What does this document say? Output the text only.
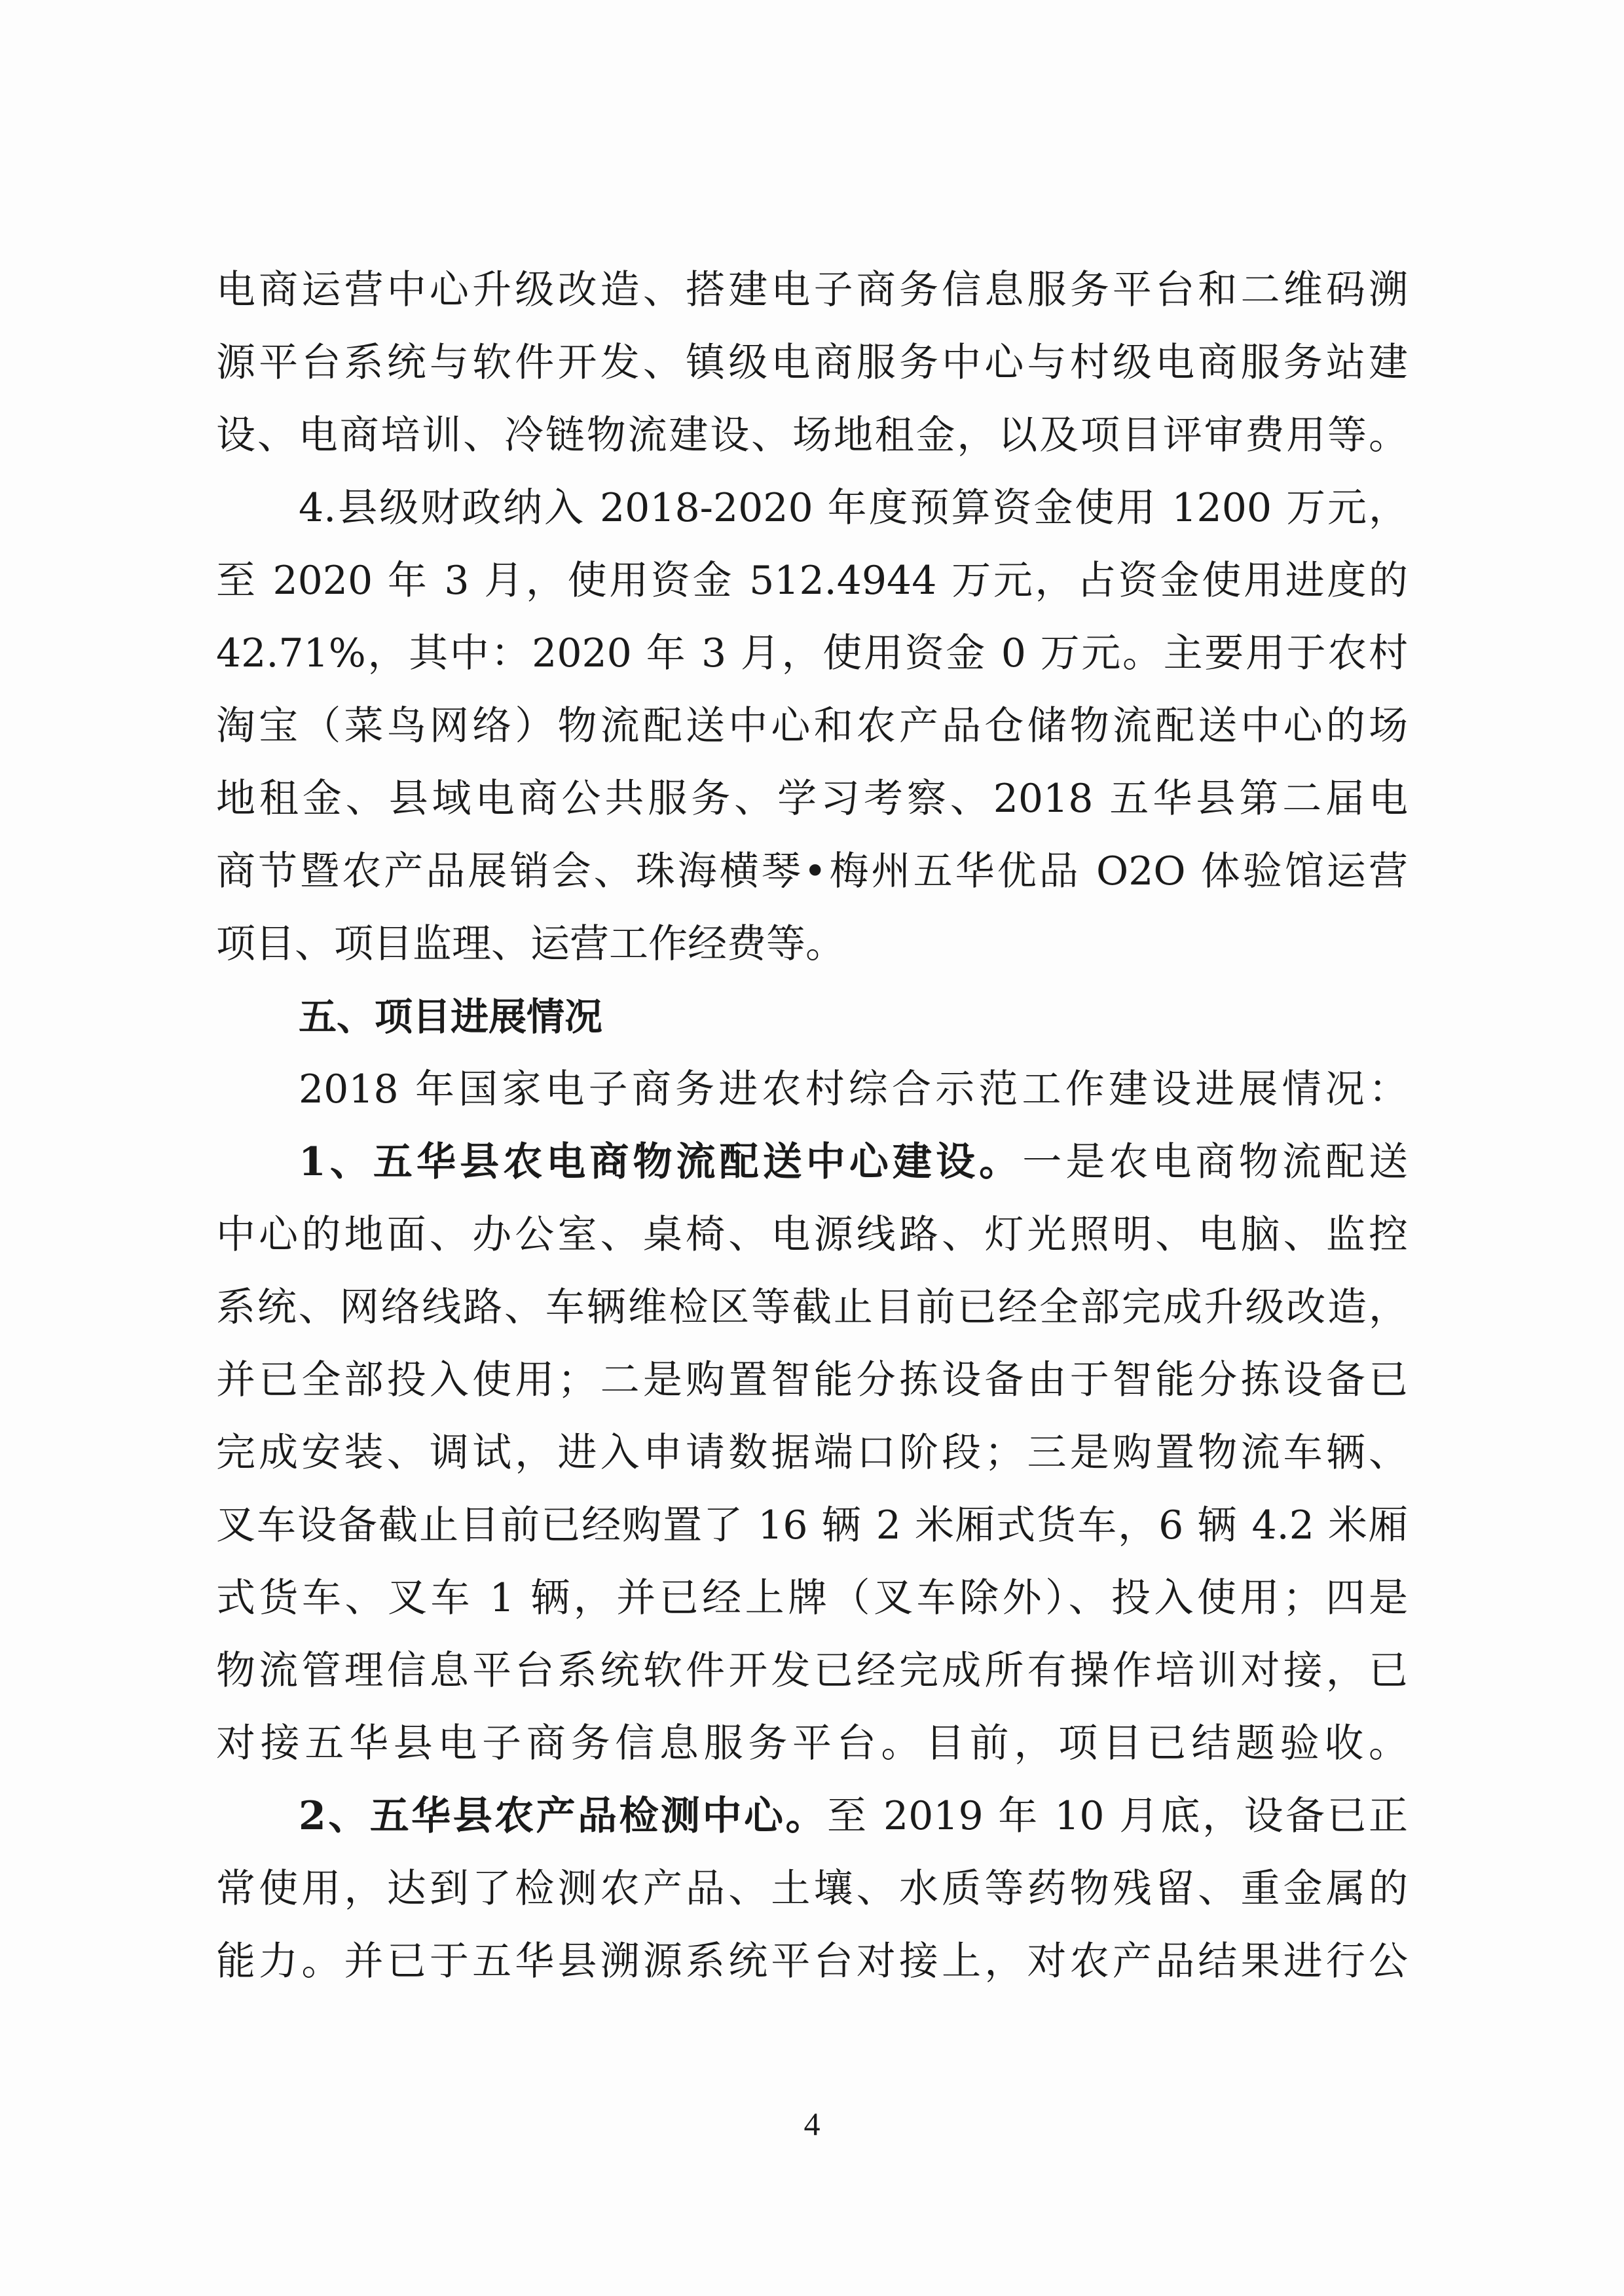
电商运营中心升级改造、搭建电子商务信息服务平台和二维码溯
源平台系统与软件开发、镇级电商服务中心与村级电商服务站建
设、电商培训、冷链物流建设、场地租金，以及项目评审费用等。
4.县级财政纳入 2018-2020 年度预算资金使用 1200 万元，
至 2020 年 3 月，使用资金 512.4944 万元，占资金使用进度的
42.71%，其中：2020 年 3 月，使用资金 0 万元。主要用于农村
淘宝（菜鸟网络）物流配送中心和农产品仓储物流配送中心的场
地租金、县域电商公共服务、学习考察、2018 五华县第二届电
商节暨农产品展销会、珠海横琴•梅州五华优品 O2O 体验馆运营
项目、项目监理、运营工作经费等。
五、项目进展情况
2018 年国家电子商务进农村综合示范工作建设进展情况：
1、五华县农电商物流配送中心建设。一是农电商物流配送
中心的地面、办公室、桌椅、电源线路、灯光照明、电脑、监控
系统、网络线路、车辆维检区等截止目前已经全部完成升级改造，
并已全部投入使用；二是购置智能分拣设备由于智能分拣设备已
完成安装、调试，进入申请数据端口阶段；三是购置物流车辆、
叉车设备截止目前已经购置了 16 辆 2 米厢式货车，6 辆 4.2 米厢
式货车、叉车 1 辆，并已经上牌（叉车除外）、投入使用；四是
物流管理信息平台系统软件开发已经完成所有操作培训对接，已
对接五华县电子商务信息服务平台。目前，项目已结题验收。
2、五华县农产品检测中心。至 2019 年 10 月底，设备已正
常使用，达到了检测农产品、土壤、水质等药物残留、重金属的
能力。并已于五华县溯源系统平台对接上，对农产品结果进行公
4
